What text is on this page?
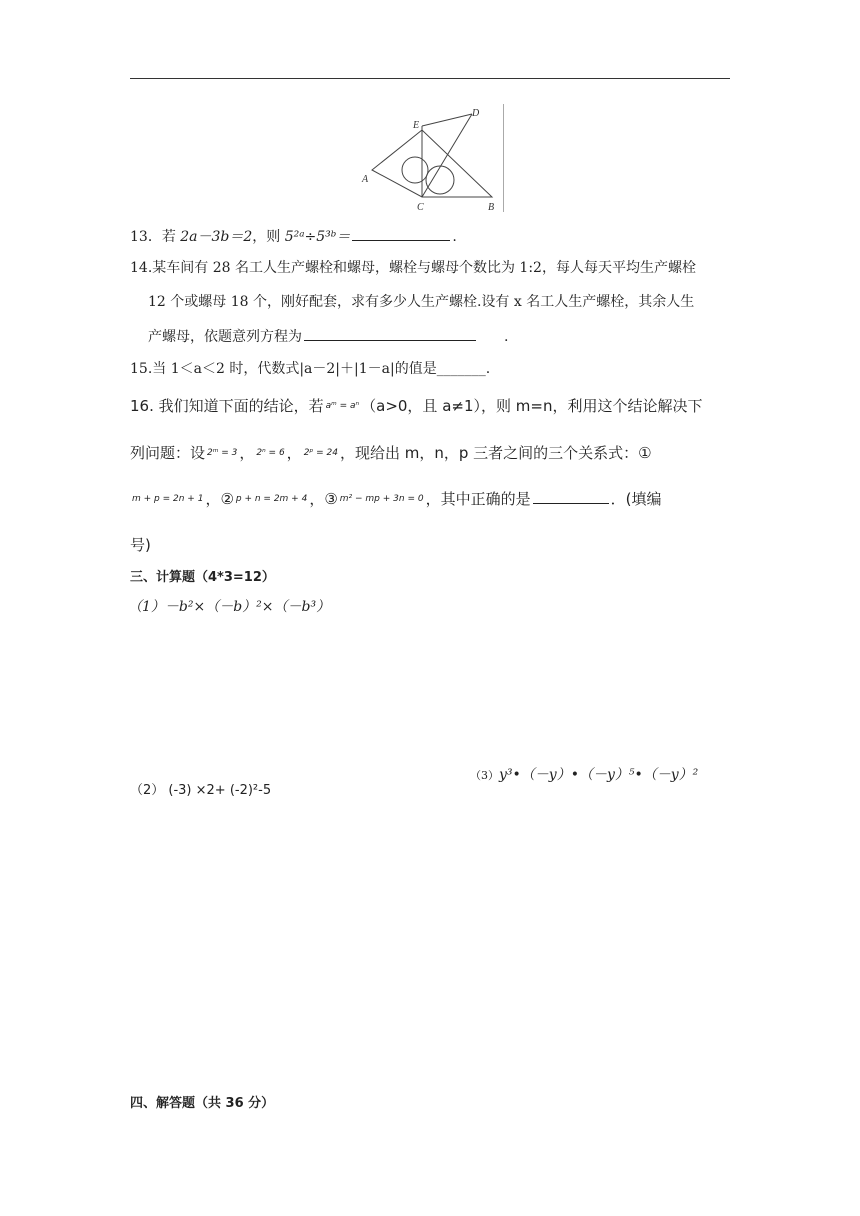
A
B
C
D
E
13．若 2a－3b＝2，则 5²ᵃ÷5³ᵇ＝	.
14.某车间有 28 名工人生产螺栓和螺母，螺栓与螺母个数比为 1:2，每人每天平均生产螺栓
12 个或螺母 18 个，刚好配套，求有多少人生产螺栓.设有 x 名工人生产螺栓，其余人生
产螺母，依题意列方程为	.
15.当 1＜a＜2 时，代数式|a－2|＋|1－a|的值是_______.
16. 我们知道下面的结论，若 $^{aᵐ = a^n}$ （a>0，且 a≠1），则 m=n，利用这个结论解决下
列问题：设 $^{2ᵐ = 3}$ ， $^{2^n = 6}$ ， $^{2ᵖ = 24}$ ，现给出 m，n，p 三者之间的三个关系式：①
$^{m + p = 2n + 1}$ ，② $^{p + n = 2m + 4}$ ，③ $^{m^2 - mp + 3n = 0}$ ，其中正确的是	．(填编
号)
三、计算题（4*3=12）
（1）－b²×（－b）²×（－b³）
（2） (-3) ×2+ (-2)²-5
（3）y³•（－y）•（－y）⁵•（－y）²
四、解答题（共 36 分）
